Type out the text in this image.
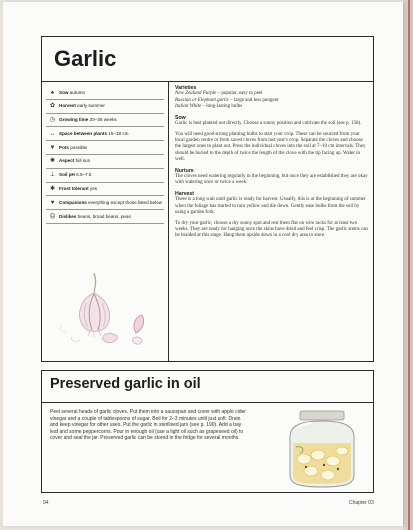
Garlic
♠	Sow autumn
✿ Harvest early summer
◷ Growing time 20–36 weeks
↔ Space between plants 15–18 cm
▼ Pots possible
✺ Aspect full sun
⊥ Soil pH 6.5–7.5
✱ Frost tolerant yes
♥	Companions everything except those listed below
☹ Dislikes beans, broad beans, peas
Varieties

New Zealand Purple – popular, easy to peel
Russian or Elephant garlic – large and less pungent
Italian White – long-lasting bulbs

Sow

Garlic is best planted out directly. Choose a sunny position and cultivate the soil (see p. 158).

You will need good strong planting bulbs to start your crop. These can be sourced from your local garden centre or from saved cloves from last year's crop. Separate the cloves and choose the largest ones to plant out. Press the individual cloves into the soil at 7–10 cm intervals. They should be buried to the depth of twice the length of the clove with the tip facing up. Water in well.

Nurture

The cloves need watering regularly in the beginning, but once they are established they are okay with watering once or twice a week.

Harvest

There is a long wait until garlic is ready for harvest. Usually, this is at the beginning of summer when the foliage has started to turn yellow and die down. Gently ease bulbs from the soil by using a garden fork.

To dry your garlic, choose a dry sunny spot and rest them flat on wire racks for at least two weeks. They are ready for hanging once the skins have dried and feel crisp. The garlic stems can be braided at this stage. Hang them upside down in a cool dry area to store.

Preserved garlic in oil

Peel several heads of garlic cloves. Put them into a saucepan and cover with apple cider vinegar and a couple of tablespoons of sugar. Boil for 2–3 minutes until just soft. Drain and keep vinegar for other uses. Put the garlic in sterilised jars (see p. 190). Add a bay leaf and some peppercorns. Pour in enough oil (use a light oil such as grapeseed oil) to cover and seal the jar. Preserved garlic can be stored in the fridge for several months.

94	Chapter 03
